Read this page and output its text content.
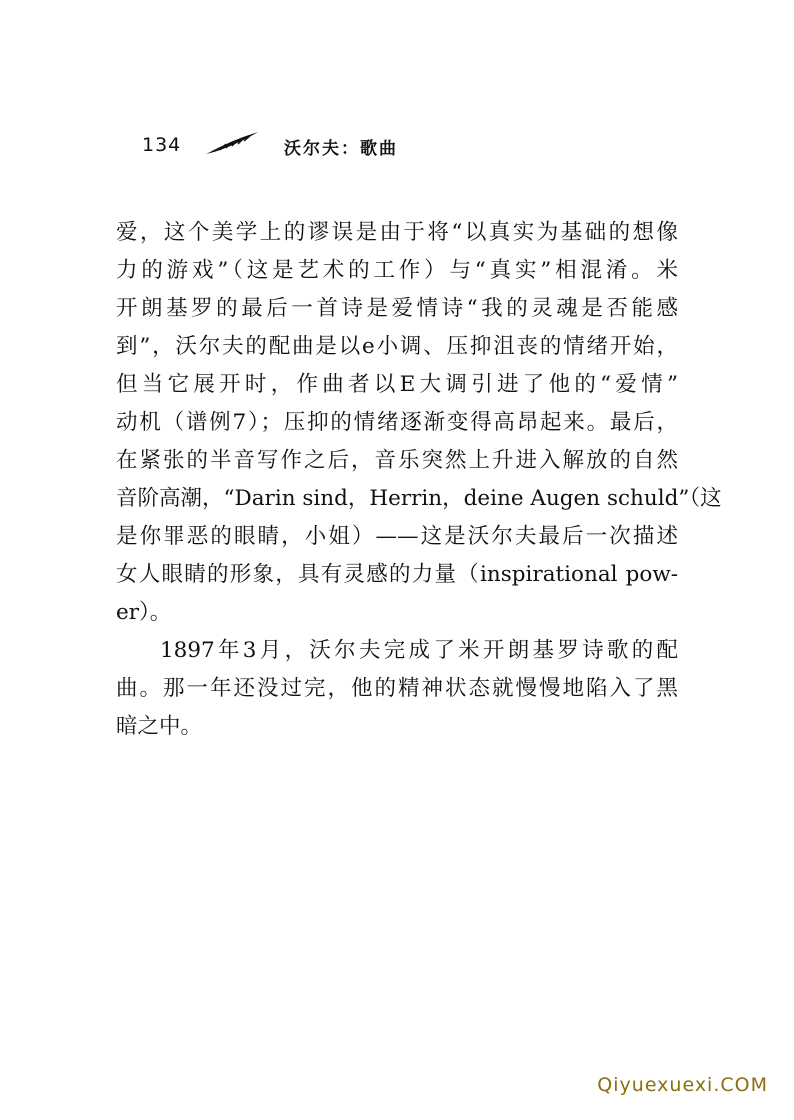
134	沃尔夫：歌曲
爱，这个美学上的谬误是由于将“以真实为基础的想像
力的游戏”（这是艺术的工作）与“真实”相混淆。米
开朗基罗的最后一首诗是爱情诗“我的灵魂是否能感
到”，沃尔夫的配曲是以e小调、压抑沮丧的情绪开始，
但当它展开时，作曲者以E大调引进了他的“爱情”
动机（谱例7）；压抑的情绪逐渐变得高昂起来。最后，
在紧张的半音写作之后，音乐突然上升进入解放的自然
音阶高潮，“Darin sind，Herrin，deine Augen schuld”（这
是你罪恶的眼睛，小姐）——这是沃尔夫最后一次描述
女人眼睛的形象，具有灵感的力量（inspirational pow-
er）。
1897年3月，沃尔夫完成了米开朗基罗诗歌的配
曲。那一年还没过完，他的精神状态就慢慢地陷入了黑
暗之中。
Qiyuexuexi.COM
